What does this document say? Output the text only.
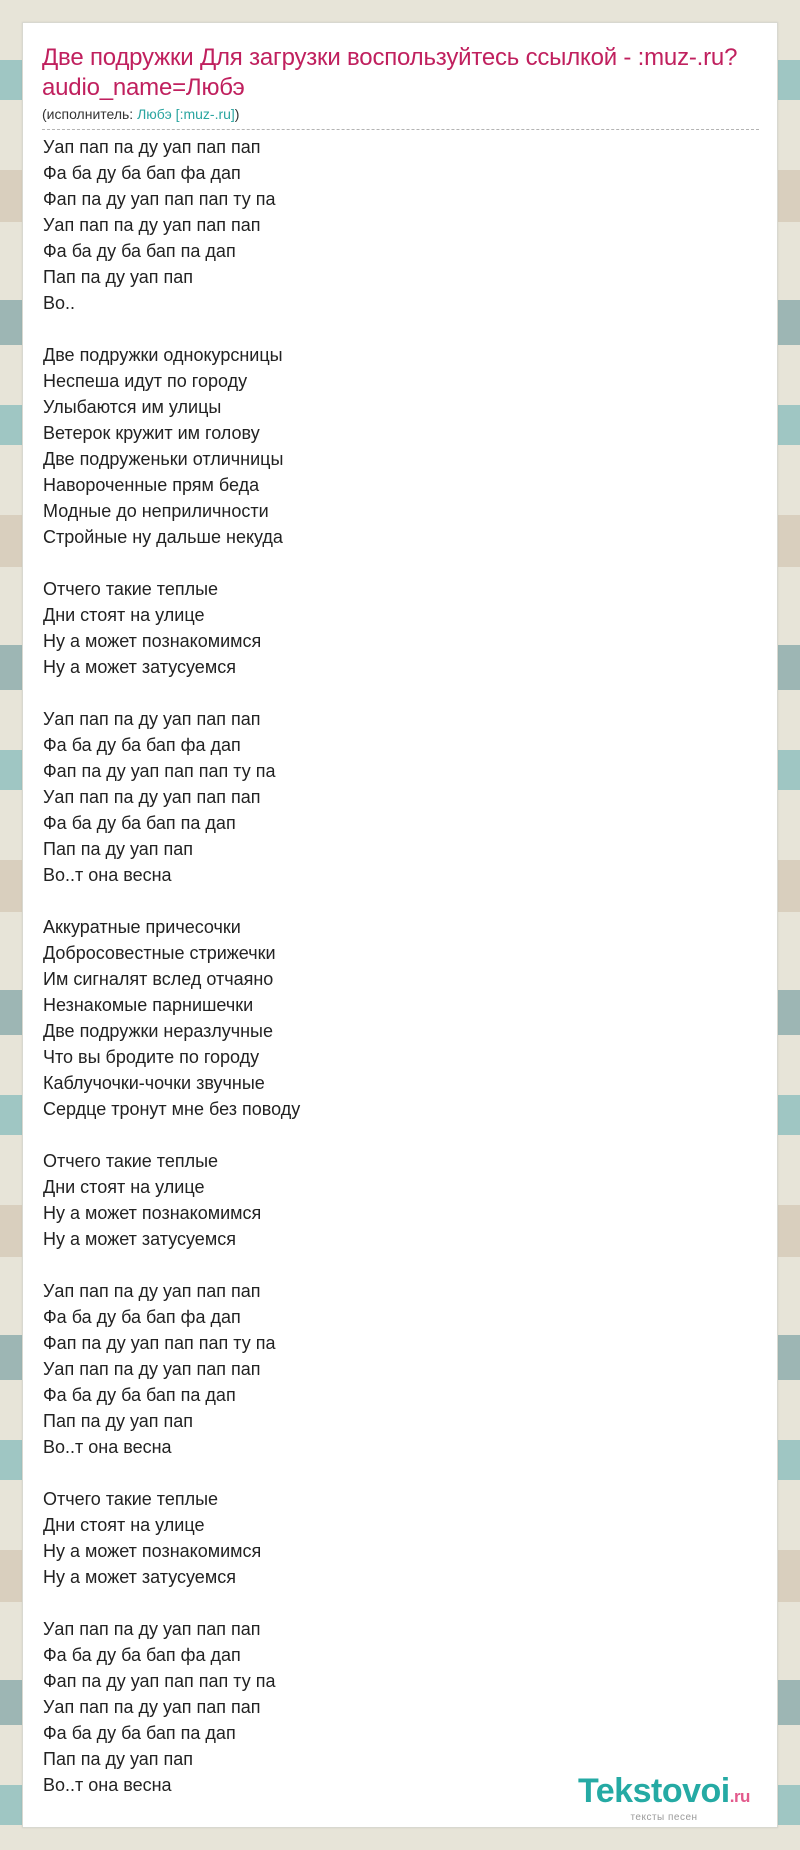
Две подружки Для загрузки воспользуйтесь ссылкой - :muz-.ru?audio_name=Любэ
(исполнитель: Любэ [:muz-.ru])
Уап пап па ду уап пап пап
Фа ба ду ба бап фа дап
Фап па ду уап пап пап ту па
Уап пап па ду уап пап пап
Фа ба ду ба бап па дап
Пап па ду уап пап
Во..
Две подружки однокурсницы
Неспеша идут по городу
Улыбаются им улицы
Ветерок кружит им голову
Две подруженьки отличницы
Навороченные прям беда
Модные до неприличности
Стройные ну дальше некуда
Отчего такие теплые
Дни стоят на улице
Ну а может познакомимся
Ну а может затусуемся
Уап пап па ду уап пап пап
Фа ба ду ба бап фа дап
Фап па ду уап пап пап ту па
Уап пап па ду уап пап пап
Фа ба ду ба бап па дап
Пап па ду уап пап
Во..т она весна
Аккуратные причесочки
Добросовестные стрижечки
Им сигналят вслед отчаяно
Незнакомые парнишечки
Две подружки неразлучные
Что вы бродите по городу
Каблучочки-чочки звучные
Сердце тронут мне без поводу
Отчего такие теплые
Дни стоят на улице
Ну а может познакомимся
Ну а может затусуемся
Уап пап па ду уап пап пап
Фа ба ду ба бап фа дап
Фап па ду уап пап пап ту па
Уап пап па ду уап пап пап
Фа ба ду ба бап па дап
Пап па ду уап пап
Во..т она весна
Отчего такие теплые
Дни стоят на улице
Ну а может познакомимся
Ну а может затусуемся
Уап пап па ду уап пап пап
Фа ба ду ба бап фа дап
Фап па ду уап пап пап ту па
Уап пап па ду уап пап пап
Фа ба ду ба бап па дап
Пап па ду уап пап
Во..т она весна	Tekstovoi.ru
тексты песен
